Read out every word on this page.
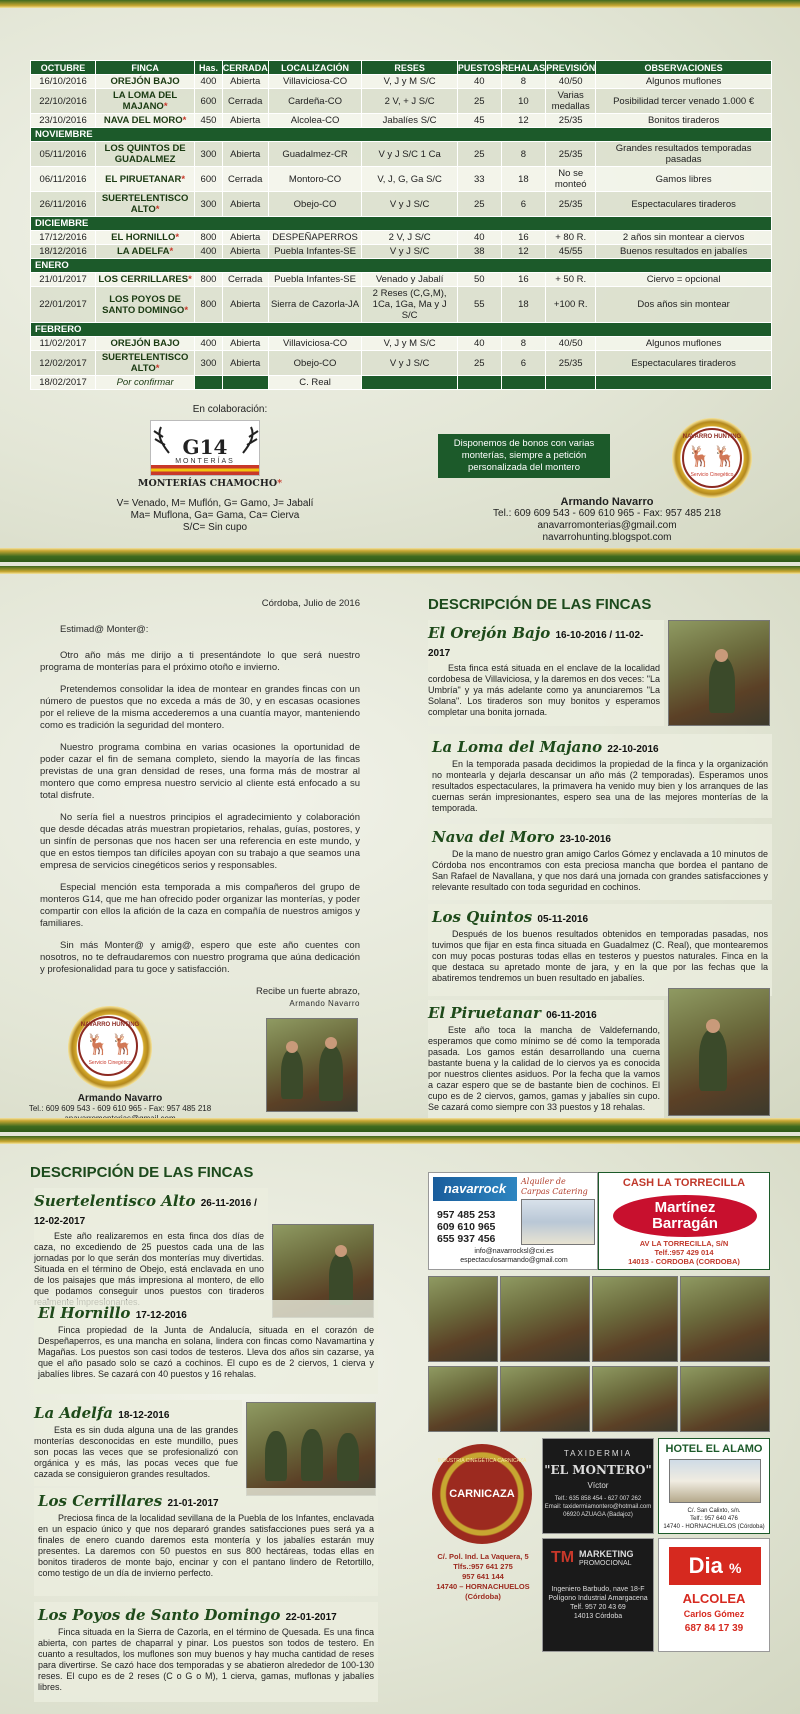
OCTUBRE	FINCA	Has.	CERRADA	LOCALIZACIÓN	RESES	PUESTOS	REHALAS	PREVISIÓN	OBSERVACIONES
16/10/2016	OREJÓN BAJO	400	Abierta	Villaviciosa-CO	V, J y M S/C	40	8	40/50	Algunos muflones
22/10/2016	LA LOMA DEL MAJANO*	600	Cerrada	Cardeña-CO	2 V, + J S/C	25	10	Varias medallas	Posibilidad tercer venado 1.000 €
23/10/2016	NAVA DEL MORO*	450	Abierta	Alcolea-CO	Jabalíes S/C	45	12	25/35	Bonitos tiraderos
NOVIEMBRE									
05/11/2016	LOS QUINTOS DE GUADALMEZ	300	Abierta	Guadalmez-CR	V y J S/C 1 Ca	25	8	25/35	Grandes resultados temporadas pasadas
06/11/2016	EL PIRUETANAR*	600	Cerrada	Montoro-CO	V, J, G, Ga S/C	33	18	No se monteó	Gamos libres
26/11/2016	SUERTELENTISCO ALTO*	300	Abierta	Obejo-CO	V y J S/C	25	6	25/35	Espectaculares tiraderos
DICIEMBRE									
17/12/2016	EL HORNILLO*	800	Abierta	DESPEÑAPERROS	2 V, J S/C	40	16	+ 80 R.	2 años sin montear a ciervos
18/12/2016	LA ADELFA*	400	Abierta	Puebla Infantes-SE	V y J S/C	38	12	45/55	Buenos resultados en jabalíes
ENERO									
21/01/2017	LOS CERRILLARES*	800	Cerrada	Puebla Infantes-SE	Venado y Jabalí	50	16	+ 50 R.	Ciervo = opcional
22/01/2017	LOS POYOS DE SANTO DOMINGO*	800	Abierta	Sierra de Cazorla-JA	2 Reses (C,G,M), 1Ca, 1Ga, Ma y J S/C	55	18	+100 R.	Dos años sin montear
FEBRERO									
11/02/2017	OREJÓN BAJO	400	Abierta	Villaviciosa-CO	V, J y M S/C	40	8	40/50	Algunos muflones
12/02/2017	SUERTELENTISCO ALTO*	300	Abierta	Obejo-CO	V y J S/C	25	6	25/35	Espectaculares tiraderos
18/02/2017	Por confirmar			C. Real					
En colaboración:
G14
MONTERÍAS
MONTERÍAS CHAMOCHO*
V= Venado, M= Muflón, G= Gamo, J= Jabalí
Ma= Muflona, Ga= Gama, Ca= Cierva
S/C= Sin cupo
Disponemos de bonos con varias monterías, siempre a petición personalizada del montero
NAVARRO HUNTING
🦌🦌
Servicio Cinegético
Armando Navarro
Tel.: 609 609 543 - 609 610 965 - Fax: 957 485 218
anavarromonterias@gmail.com
navarrohunting.blogspot.com
Córdoba, Julio de 2016
Estimad@ Monter@:

Otro año más me dirijo a ti presentándote lo que será nuestro programa de monterías para el próximo otoño e invierno.

Pretendemos consolidar la idea de montear en grandes fincas con un número de puestos que no exceda a más de 30, y en escasas ocasiones por el relieve de la misma accederemos a una cuantía mayor, manteniendo como es tradición la seguridad del montero.

Nuestro programa combina en varias ocasiones la oportunidad de poder cazar el fin de semana completo, siendo la mayoría de las fincas previstas de una gran densidad de reses, una forma más de mostrar al montero que como empresa nuestro servicio al cliente está enfocado a su total disfrute.

No sería fiel a nuestros principios el agradecimiento y colaboración que desde décadas atrás muestran propietarios, rehalas, guías, postores, y un sinfín de personas que nos hacen ser una referencia en este mundo, y que en estos tiempos tan difíciles apoyan con su trabajo a que seamos una empresa de servicios cinegéticos serios y responsables.

Especial mención esta temporada a mis compañeros del grupo de monteros G14, que me han ofrecido poder organizar las monterías, y poder compartir con ellos la afición de la caza en compañía de nuestros amigos y familiares.

Sin más Monter@ y amig@, espero que este año cuentes con nosotros, no te defraudaremos con nuestro programa que aúna dedicación y profesionalidad para tu goce y satisfacción.

Recibe un fuerte abrazo,

Armando Navarro

NAVARRO HUNTING
🦌🦌
Servicio Cinegético
Armando Navarro
Tel.: 609 609 543 - 609 610 965 - Fax: 957 485 218
DESCRIPCIÓN DE LAS FINCAS
El Orejón Bajo 16-10-2016 / 11-02-2017

Esta finca está situada en el enclave de la localidad cordobesa de Villaviciosa, y la daremos en dos veces: "La Umbría" y ya más adelante como ya anunciaremos "La Solana". Los tiraderos son muy bonitos y esperamos completar una bonita jornada.

La Loma del Majano 22-10-2016

En la temporada pasada decidimos la propiedad de la finca y la organización no montearla y dejarla descansar un año más (2 temporadas). Esperamos unos resultados espectaculares, la primavera ha venido muy bien y los arranques de las cuernas serán impresionantes, espero sea una de las mejores monterías de la temporada.

Nava del Moro 23-10-2016

De la mano de nuestro gran amigo Carlos Gómez y enclavada a 10 minutos de Córdoba nos encontramos con esta preciosa mancha que bordea el pantano de San Rafael de Navallana, y que nos dará una jornada con grandes satisfacciones y relevante resultado con toda seguridad en cochinos.

Los Quintos 05-11-2016

Después de los buenos resultados obtenidos en temporadas pasadas, nos tuvimos que fijar en esta finca situada en Guadalmez (C. Real), que montearemos con muy pocas posturas todas ellas en testeros y puestos naturales. Finca en la que destaca su apretado monte de jara, y en la que por las fechas que la abatiremos tendremos un buen resultado en jabalíes.

El Piruetanar 06-11-2016

Este año toca la mancha de Valdefernando, esperamos que como mínimo se dé como la temporada pasada. Los gamos están desarrollando una cuerna bastante buena y la calidad de lo ciervos ya es conocida por nuestros clientes asiduos. Por la fecha que la vamos a cazar espero que se de bastante bien de cochinos. El cupo es de 2 ciervos, gamos, gamas y jabalíes sin cupo. Se cazará como siempre con 33 puestos y 18 rehalas.

DESCRIPCIÓN DE LAS FINCAS
Suertelentisco Alto 26-11-2016 / 12-02-2017

Este año realizaremos en esta finca dos días de caza, no excediendo de 25 puestos cada una de las jornadas por lo que serán dos monterías muy divertidas. Situada en el término de Obejo, está enclavada en uno de los paisajes que más impresiona al montero, de ello que podamos conseguir unos puestos con tiraderos

El Hornillo 17-12-2016

Finca propiedad de la Junta de Andalucía, situada en el corazón de Despeñaperros, es una mancha en solana, lindera con fincas como Navamartina y Magañas. Los puestos son casi todos de testeros. Lleva dos años sin cazarse, ya que el año pasado solo se cazó a cochinos. El cupo es de 2 ciervos, 1 cierva y jabalíes libres. Se cazará con 40 puestos y 16 rehalas.

La Adelfa 18-12-2016

Esta es sin duda alguna una de las grandes monterías desconocidas en este mundillo, pues son pocas las veces que se profesionalizó con orgánica y es más, las pocas veces que fue cazada se consiguieron grandes resultados.

Los Cerrillares 21-01-2017

Preciosa finca de la localidad sevillana de la Puebla de los Infantes, enclavada en un espacio único y que nos depararó grandes satisfacciones pues será ya a finales de enero cuando daremos esta montería y los jabalíes estarán muy presentes. La daremos con 50 puestos en sus 800 hectáreas, todas ellas en bonitos tiraderos de monte bajo, encinar y con el pantano lindero de Retortillo, como testigo de un día de invierno perfecto.

Los Poyos de Santo Domingo 22-01-2017

Finca situada en la Sierra de Cazorla, en el término de Quesada. Es una finca abierta, con partes de chaparral y pinar. Los puestos son todos de testero. En cuanto a resultados, los muflones son muy buenos y hay mucha cantidad de reses para divertirse. Se cazó hace dos temporadas y se abatieron alrededor de 100-130 reses. El cupo es de 2 reses (C o G o M), 1 cierva, gamas, muflonas y jabalíes libres.

navarrock	Alquiler de Carpas Catering
957 485 253
609 610 965
655 937 456
info@navarrocksl@cxi.es
espectaculosarmando@gmail.com
CASH LA TORRECILLA
Martínez
Barragán
AV LA TORRECILLA, S/N
Telf.:957 429 014
14013 - CORDOBA (CORDOBA)
CARNICAZA
INDUSTRIA CINEGÉTICA CARNICAZA
C/. Pol. Ind. La Vaquera, 5
Tlfs.:957 641 275
957 641 144
14740 – HORNACHUELOS
(Córdoba)
TAXIDERMIA
"EL MONTERO"
Víctor
Telf.: 635 858 454 - 627 007 262
Email: taxidermiamontero@hotmail.com
06920 AZUAGA (Badajoz)
HOTEL EL ALAMO
C/. San Calixto, s/n.
Telf.: 957 640 476
14740 - HORNACHUELOS (Córdoba)
TM MARKETING
PROMOCIONAL
Ingeniero Barbudo, nave 18-F
Polígono Industrial Amargacena
Telf. 957 20 43 69
14013 Córdoba
Dia %
ALCOLEA
Carlos Gómez
687 84 17 39
